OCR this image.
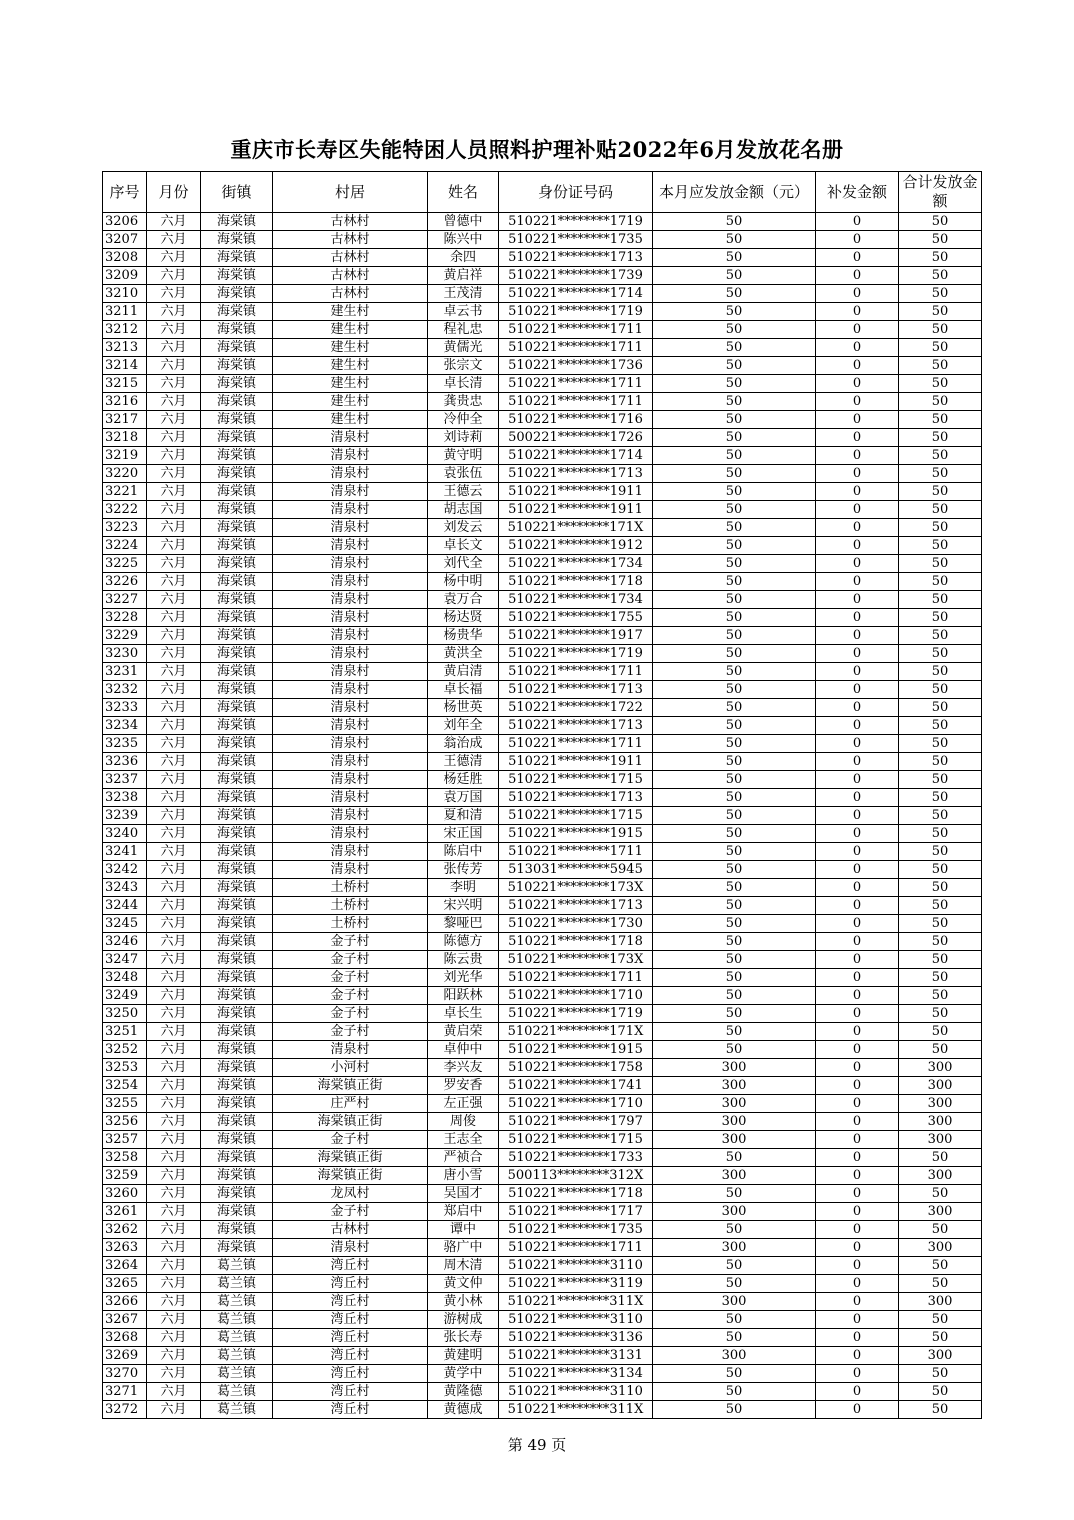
重庆市长寿区失能特困人员照料护理补贴2022年6月发放花名册
序号	月份	街镇	村居	姓名	身份证号码	本月应发放金额（元）	补发金额	合计发放金额
3206	六月	海棠镇	古林村	曾德中	510221********1719	50	0	50
3207	六月	海棠镇	古林村	陈兴中	510221********1735	50	0	50
3208	六月	海棠镇	古林村	余四	510221********1713	50	0	50
3209	六月	海棠镇	古林村	黄启祥	510221********1739	50	0	50
3210	六月	海棠镇	古林村	王茂清	510221********1714	50	0	50
3211	六月	海棠镇	建生村	卓云书	510221********1719	50	0	50
3212	六月	海棠镇	建生村	程礼忠	510221********1711	50	0	50
3213	六月	海棠镇	建生村	黄儒光	510221********1711	50	0	50
3214	六月	海棠镇	建生村	张宗文	510221********1736	50	0	50
3215	六月	海棠镇	建生村	卓长清	510221********1711	50	0	50
3216	六月	海棠镇	建生村	龚贵忠	510221********1711	50	0	50
3217	六月	海棠镇	建生村	冷仲全	510221********1716	50	0	50
3218	六月	海棠镇	清泉村	刘诗莉	500221********1726	50	0	50
3219	六月	海棠镇	清泉村	黄守明	510221********1714	50	0	50
3220	六月	海棠镇	清泉村	袁张伍	510221********1713	50	0	50
3221	六月	海棠镇	清泉村	王德云	510221********1911	50	0	50
3222	六月	海棠镇	清泉村	胡志国	510221********1911	50	0	50
3223	六月	海棠镇	清泉村	刘发云	510221********171X	50	0	50
3224	六月	海棠镇	清泉村	卓长文	510221********1912	50	0	50
3225	六月	海棠镇	清泉村	刘代全	510221********1734	50	0	50
3226	六月	海棠镇	清泉村	杨中明	510221********1718	50	0	50
3227	六月	海棠镇	清泉村	袁万合	510221********1734	50	0	50
3228	六月	海棠镇	清泉村	杨达贤	510221********1755	50	0	50
3229	六月	海棠镇	清泉村	杨贵华	510221********1917	50	0	50
3230	六月	海棠镇	清泉村	黄洪全	510221********1719	50	0	50
3231	六月	海棠镇	清泉村	黄启清	510221********1711	50	0	50
3232	六月	海棠镇	清泉村	卓长福	510221********1713	50	0	50
3233	六月	海棠镇	清泉村	杨世英	510221********1722	50	0	50
3234	六月	海棠镇	清泉村	刘年全	510221********1713	50	0	50
3235	六月	海棠镇	清泉村	翁治成	510221********1711	50	0	50
3236	六月	海棠镇	清泉村	王德清	510221********1911	50	0	50
3237	六月	海棠镇	清泉村	杨廷胜	510221********1715	50	0	50
3238	六月	海棠镇	清泉村	袁万国	510221********1713	50	0	50
3239	六月	海棠镇	清泉村	夏和清	510221********1715	50	0	50
3240	六月	海棠镇	清泉村	宋正国	510221********1915	50	0	50
3241	六月	海棠镇	清泉村	陈启中	510221********1711	50	0	50
3242	六月	海棠镇	清泉村	张传芳	513031********5945	50	0	50
3243	六月	海棠镇	土桥村	李明	510221********173X	50	0	50
3244	六月	海棠镇	土桥村	宋兴明	510221********1713	50	0	50
3245	六月	海棠镇	土桥村	黎哑巴	510221********1730	50	0	50
3246	六月	海棠镇	金子村	陈德方	510221********1718	50	0	50
3247	六月	海棠镇	金子村	陈云贵	510221********173X	50	0	50
3248	六月	海棠镇	金子村	刘光华	510221********1711	50	0	50
3249	六月	海棠镇	金子村	阳跃林	510221********1710	50	0	50
3250	六月	海棠镇	金子村	卓长生	510221********1719	50	0	50
3251	六月	海棠镇	金子村	黄启荣	510221********171X	50	0	50
3252	六月	海棠镇	清泉村	卓仲中	510221********1915	50	0	50
3253	六月	海棠镇	小河村	李兴友	510221********1758	300	0	300
3254	六月	海棠镇	海棠镇正街	罗安香	510221********1741	300	0	300
3255	六月	海棠镇	庄严村	左正强	510221********1710	300	0	300
3256	六月	海棠镇	海棠镇正街	周俊	510221********1797	300	0	300
3257	六月	海棠镇	金子村	王志全	510221********1715	300	0	300
3258	六月	海棠镇	海棠镇正街	严祯合	510221********1733	50	0	50
3259	六月	海棠镇	海棠镇正街	唐小雪	500113********312X	300	0	300
3260	六月	海棠镇	龙凤村	吴国才	510221********1718	50	0	50
3261	六月	海棠镇	金子村	郑启中	510221********1717	300	0	300
3262	六月	海棠镇	古林村	谭中	510221********1735	50	0	50
3263	六月	海棠镇	清泉村	骆广中	510221********1711	300	0	300
3264	六月	葛兰镇	湾丘村	周木清	510221********3110	50	0	50
3265	六月	葛兰镇	湾丘村	黄文仲	510221********3119	50	0	50
3266	六月	葛兰镇	湾丘村	黄小林	510221********311X	300	0	300
3267	六月	葛兰镇	湾丘村	游树成	510221********3110	50	0	50
3268	六月	葛兰镇	湾丘村	张长寿	510221********3136	50	0	50
3269	六月	葛兰镇	湾丘村	黄建明	510221********3131	300	0	300
3270	六月	葛兰镇	湾丘村	黄学中	510221********3134	50	0	50
3271	六月	葛兰镇	湾丘村	黄隆德	510221********3110	50	0	50
3272	六月	葛兰镇	湾丘村	黄德成	510221********311X	50	0	50
第 49 页
